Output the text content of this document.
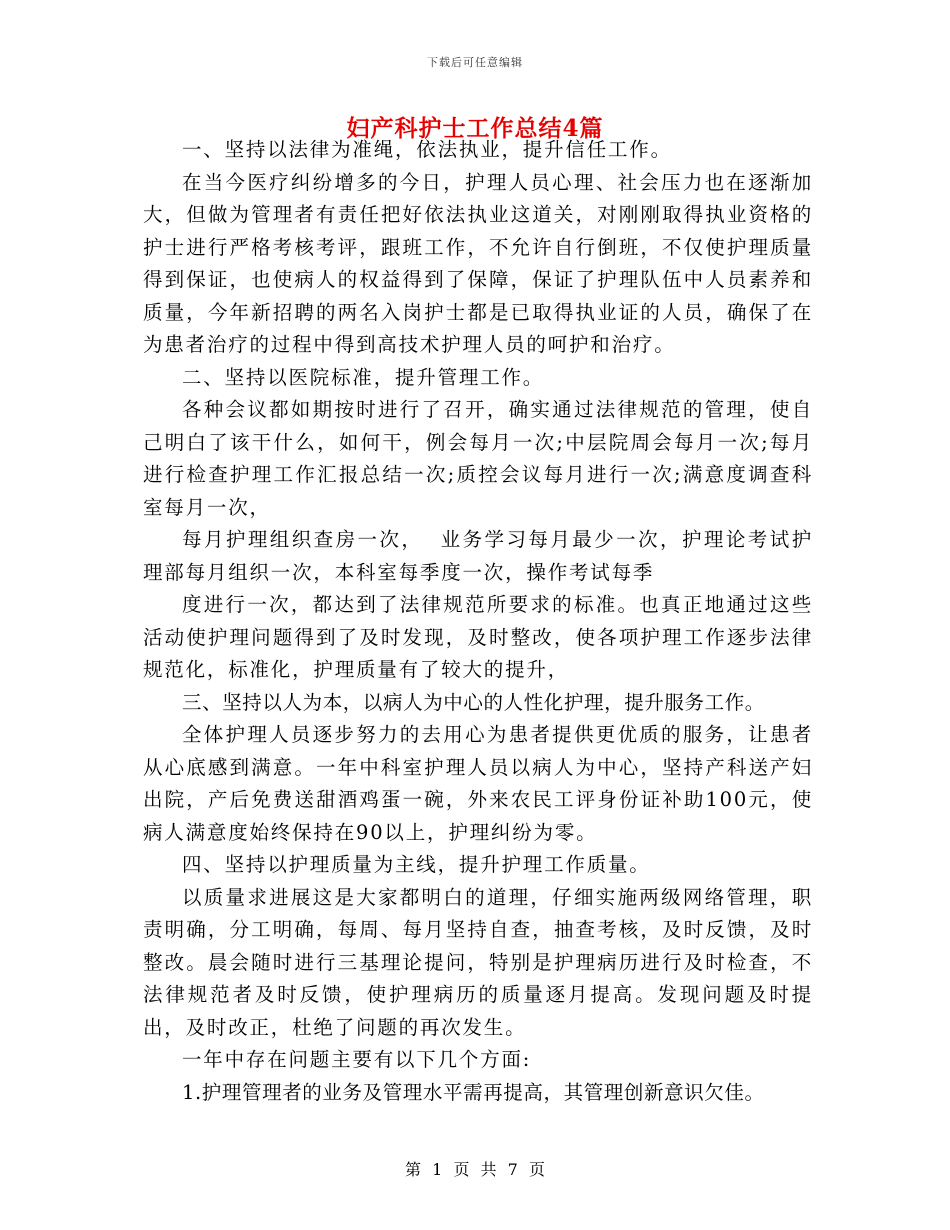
下载后可任意编辑
妇产科护士工作总结4篇

一、坚持以法律为准绳，依法执业，提升信任工作。

在当今医疗纠纷增多的今日，护理人员心理、社会压力也在逐渐加大，但做为管理者有责任把好依法执业这道关，对刚刚取得执业资格的护士进行严格考核考评，跟班工作，不允许自行倒班，不仅使护理质量得到保证，也使病人的权益得到了保障，保证了护理队伍中人员素养和质量，今年新招聘的两名入岗护士都是已取得执业证的人员，确保了在为患者治疗的过程中得到高技术护理人员的呵护和治疗。

二、坚持以医院标准，提升管理工作。

各种会议都如期按时进行了召开，确实通过法律规范的管理，使自己明白了该干什么，如何干，例会每月一次;中层院周会每月一次;每月进行检查护理工作汇报总结一次;质控会议每月进行一次;满意度调查科室每月一次，

每月护理组织查房一次，  业务学习每月最少一次，护理论考试护理部每月组织一次，本科室每季度一次，操作考试每季

度进行一次，都达到了法律规范所要求的标准。也真正地通过这些活动使护理问题得到了及时发现，及时整改，使各项护理工作逐步法律规范化，标准化，护理质量有了较大的提升，

三、坚持以人为本，以病人为中心的人性化护理，提升服务工作。

全体护理人员逐步努力的去用心为患者提供更优质的服务，让患者从心底感到满意。一年中科室护理人员以病人为中心，坚持产科送产妇出院，产后免费送甜酒鸡蛋一碗，外来农民工评身份证补助100元，使病人满意度始终保持在90以上，护理纠纷为零。

四、坚持以护理质量为主线，提升护理工作质量。

以质量求进展这是大家都明白的道理，仔细实施两级网络管理，职责明确，分工明确，每周、每月坚持自查，抽查考核，及时反馈，及时整改。晨会随时进行三基理论提问，特别是护理病历进行及时检查，不法律规范者及时反馈，使护理病历的质量逐月提高。发现问题及时提出，及时改正，杜绝了问题的再次发生。

一年中存在问题主要有以下几个方面:

1.护理管理者的业务及管理水平需再提高，其管理创新意识欠佳。

第 1 页 共 7 页
